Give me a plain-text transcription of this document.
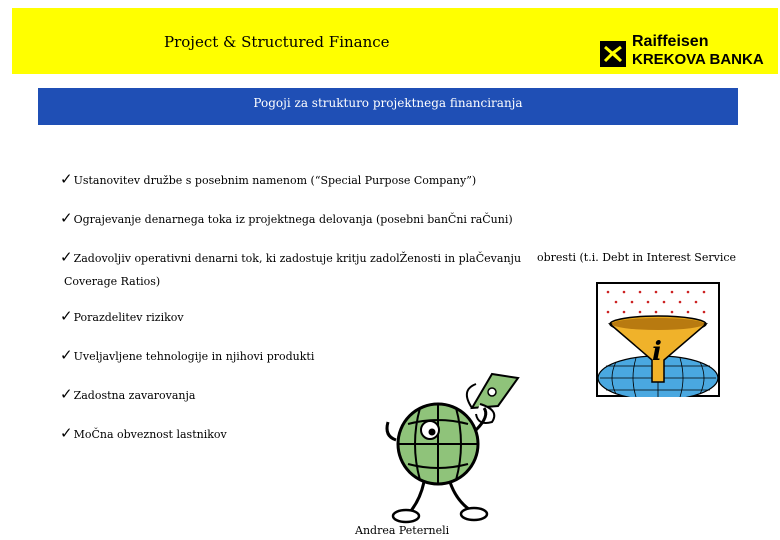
Project & Structured Finance	Raiffeisen
KREKOVA BANKA
Pogoji za strukturo projektnega financiranja
✓Ustanovitev družbe s posebnim namenom (“Special Purpose Company”)
✓Ograjevanje denarnega toka iz projektnega delovanja (posebni banČni raČuni)
✓Zadovoljiv operativni denarni tok, ki zadostuje kritju zadolŽenosti in plaČevanju
✓Porazdelitev rizikov
✓Uveljavljene tehnologije in njihovi produkti
✓Zadostna zavarovanja
✓MoČna obveznost lastnikov
Coverage Ratios)
obresti (t.i. Debt in Interest Service
i
Andrea Peterneli
